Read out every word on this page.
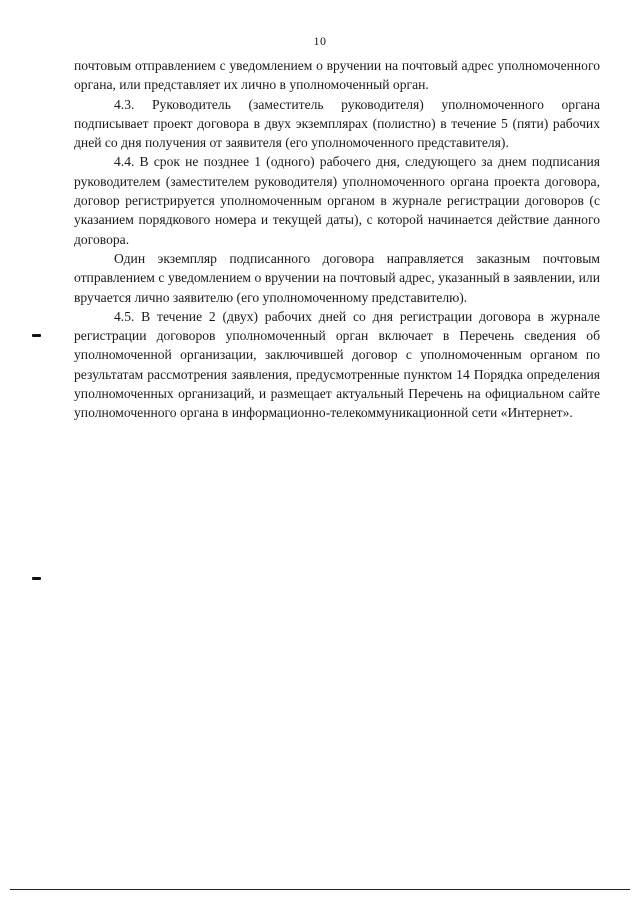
10

почтовым отправлением с уведомлением о вручении на почтовый адрес уполномоченного органа, или представляет их лично в уполномоченный орган.

4.3. Руководитель (заместитель руководителя) уполномоченного органа подписывает проект договора в двух экземплярах (полистно) в течение 5 (пяти) рабочих дней со дня получения от заявителя (его уполномоченного представителя).

4.4. В срок не позднее 1 (одного) рабочего дня, следующего за днем подписания руководителем (заместителем руководителя) уполномоченного органа проекта договора, договор регистрируется уполномоченным органом в журнале регистрации договоров (с указанием порядкового номера и текущей даты), с которой начинается действие данного договора.

Один экземпляр подписанного договора направляется заказным почтовым отправлением с уведомлением о вручении на почтовый адрес, указанный в заявлении, или вручается лично заявителю (его уполномоченному представителю).

4.5. В течение 2 (двух) рабочих дней со дня регистрации договора в журнале регистрации договоров уполномоченный орган включает в Перечень сведения об уполномоченной организации, заключившей договор с уполномоченным органом по результатам рассмотрения заявления, предусмотренные пунктом 14 Порядка определения уполномоченных организаций, и размещает актуальный Перечень на официальном сайте уполномоченного органа в информационно-телекоммуникационной сети «Интернет».
